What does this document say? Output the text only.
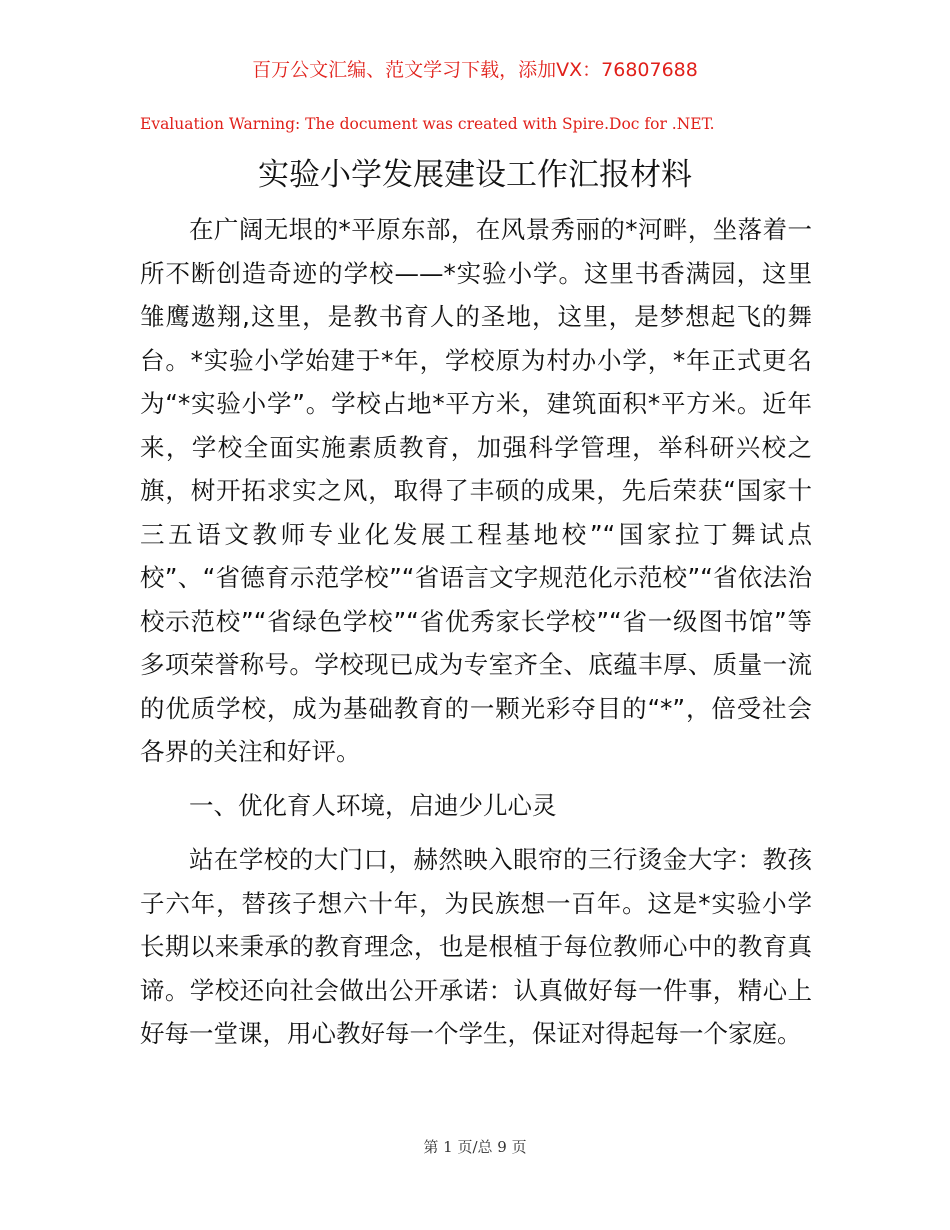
百万公文汇编、范文学习下载，添加VX：76807688
Evaluation Warning: The document was created with Spire.Doc for .NET.
实验小学发展建设工作汇报材料

在广阔无垠的*平原东部，在风景秀丽的*河畔，坐落着一所不断创造奇迹的学校——*实验小学。这里书香满园，这里雏鹰遨翔,这里，是教书育人的圣地，这里，是梦想起飞的舞台。*实验小学始建于*年，学校原为村办小学，*年正式更名为“*实验小学”。学校占地*平方米，建筑面积*平方米。近年来，学校全面实施素质教育，加强科学管理，举科研兴校之旗，树开拓求实之风，取得了丰硕的成果，先后荣获“国家十三五语文教师专业化发展工程基地校”“国家拉丁舞试点校”、“省德育示范学校”“省语言文字规范化示范校”“省依法治校示范校”“省绿色学校”“省优秀家长学校”“省一级图书馆”等多项荣誉称号。学校现已成为专室齐全、底蕴丰厚、质量一流的优质学校，成为基础教育的一颗光彩夺目的“*”，倍受社会各界的关注和好评。

一、优化育人环境，启迪少儿心灵

站在学校的大门口，赫然映入眼帘的三行烫金大字：教孩子六年，替孩子想六十年，为民族想一百年。这是*实验小学长期以来秉承的教育理念，也是根植于每位教师心中的教育真谛。学校还向社会做出公开承诺：认真做好每一件事，精心上好每一堂课，用心教好每一个学生，保证对得起每一个家庭。

第 1 页/总 9 页
